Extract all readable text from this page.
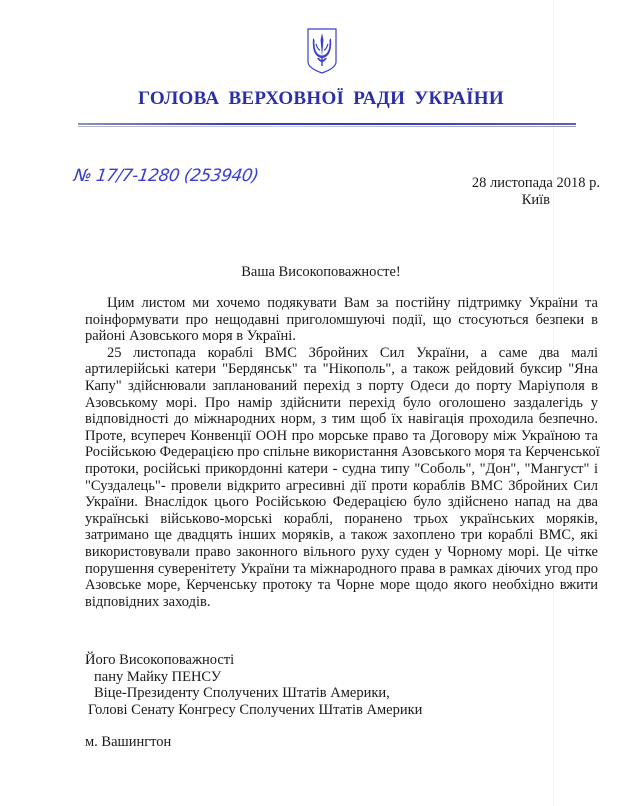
ГОЛОВА ВЕРХОВНОЇ РАДИ УКРАЇНИ
№ 17/7-1280 (253940)	28 листопада 2018 р.
Київ
Ваша Високоповажносте!
Цим листом ми хочемо подякувати Вам за постійну підтримку України та
поінформувати про нещодавні приголомшуючі події, що стосуються безпеки в
районі Азовського моря в Україні.
25 листопада кораблі ВМС Збройних Сил України, а саме два малі
артилерійські катери "Бердянськ" та "Нікополь", а також рейдовий буксир "Яна
Капу" здійснювали запланований перехід з порту Одеси до порту Маріуполя в
Азовському морі. Про намір здійснити перехід було оголошено заздалегідь у
відповідності до міжнародних норм, з тим щоб їх навігація проходила безпечно.
Проте, всупереч Конвенції ООН про морське право та Договору між Україною та
Російською Федерацією про спільне використання Азовського моря та Керченської
протоки, російські прикордонні катери - судна типу "Соболь", "Дон", "Мангуст" і
"Суздалець"- провели відкрито агресивні дії проти кораблів ВМС Збройних Сил
України. Внаслідок цього Російською Федерацією було здійснено напад на два
українські військово-морські кораблі, поранено трьох українських моряків,
затримано ще двадцять інших моряків, а також захоплено три кораблі ВМС, які
використовували право законного вільного руху суден у Чорному морі. Це чітке
порушення суверенітету України та міжнародного права в рамках діючих угод про
Азовське море, Керченську протоку та Чорне море щодо якого необхідно вжити
відповідних заходів.
Його Високоповажності
пану Майку ПЕНСУ
Віце-Президенту Сполучених Штатів Америки,
Голові Сенату Конгресу Сполучених Штатів Америки
м. Вашингтон
